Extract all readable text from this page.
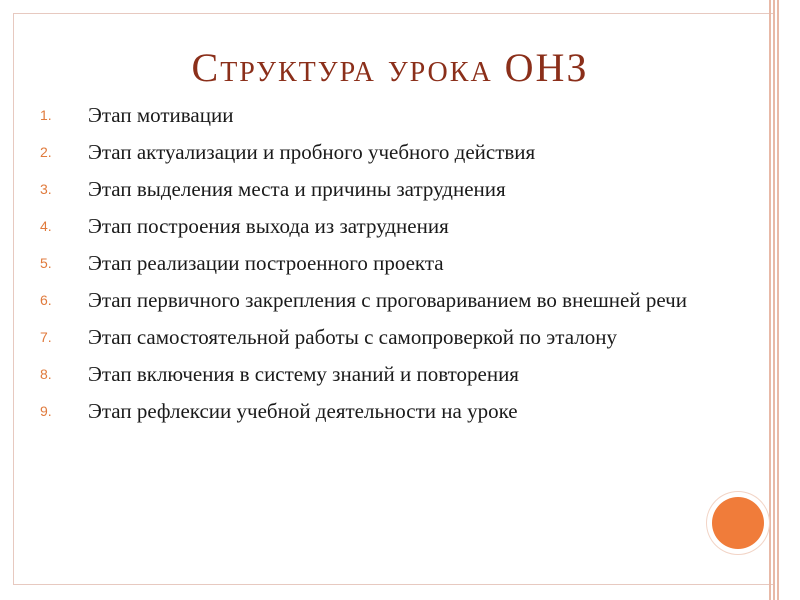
Структура урока ОНЗ
1.	Этап мотивации
2.	Этап актуализации и пробного учебного действия
3.	Этап выделения места и причины затруднения
4.	Этап построения выхода из затруднения
5.	Этап реализации построенного проекта
6.	Этап первичного закрепления с проговариванием во внешней речи
7.	Этап самостоятельной работы с самопроверкой по эталону
8.	Этап включения в систему знаний и повторения
9.	Этап рефлексии учебной деятельности на уроке
